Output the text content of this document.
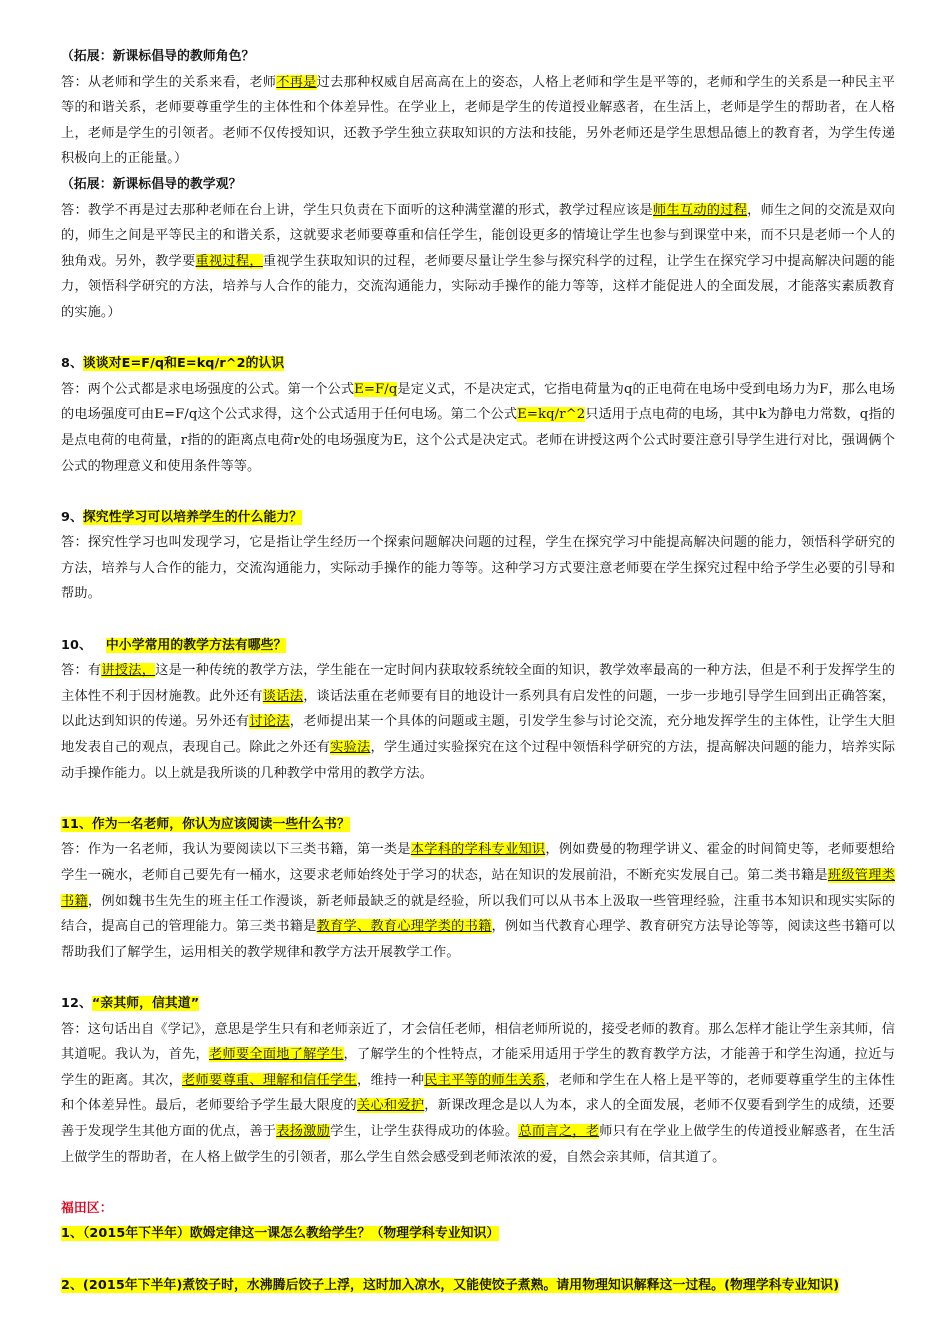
（拓展：新课标倡导的教师角色？

答：从老师和学生的关系来看，老师不再是过去那种权威自居高高在上的姿态，人格上老师和学生是平等的，老师和学生的关系是一种民主平等的和谐关系，老师要尊重学生的主体性和个体差异性。在学业上，老师是学生的传道授业解惑者，在生活上，老师是学生的帮助者，在人格上，老师是学生的引领者。老师不仅传授知识，还教予学生独立获取知识的方法和技能，另外老师还是学生思想品德上的教育者，为学生传递积极向上的正能量。）

（拓展：新课标倡导的教学观？

答：教学不再是过去那种老师在台上讲，学生只负责在下面听的这种满堂灌的形式，教学过程应该是师生互动的过程，师生之间的交流是双向的，师生之间是平等民主的和谐关系，这就要求老师要尊重和信任学生，能创设更多的情境让学生也参与到课堂中来，而不只是老师一个人的独角戏。另外，教学要重视过程，重视学生获取知识的过程，老师要尽量让学生参与探究科学的过程，让学生在探究学习中提高解决问题的能力，领悟科学研究的方法，培养与人合作的能力，交流沟通能力，实际动手操作的能力等等，这样才能促进人的全面发展，才能落实素质教育的实施。）

8、谈谈对E=F/q和E=kq/r^2的认识

答：两个公式都是求电场强度的公式。第一个公式E=F/q是定义式，不是决定式，它指电荷量为q的正电荷在电场中受到电场力为F，那么电场的电场强度可由E=F/q这个公式求得，这个公式适用于任何电场。第二个公式E=kq/r^2只适用于点电荷的电场，其中k为静电力常数，q指的是点电荷的电荷量，r指的的距离点电荷r处的电场强度为E，这个公式是决定式。老师在讲授这两个公式时要注意引导学生进行对比，强调俩个公式的物理意义和使用条件等等。

9、探究性学习可以培养学生的什么能力？

答：探究性学习也叫发现学习，它是指让学生经历一个探索问题解决问题的过程，学生在探究学习中能提高解决问题的能力，领悟科学研究的方法，培养与人合作的能力，交流沟通能力，实际动手操作的能力等等。这种学习方式要注意老师要在学生探究过程中给予学生必要的引导和帮助。

10、 中小学常用的教学方法有哪些？

答：有讲授法，这是一种传统的教学方法，学生能在一定时间内获取较系统较全面的知识，教学效率最高的一种方法，但是不利于发挥学生的主体性不利于因材施教。此外还有谈话法，谈话法重在老师要有目的地设计一系列具有启发性的问题，一步一步地引导学生回到出正确答案，以此达到知识的传递。另外还有讨论法，老师提出某一个具体的问题或主题，引发学生参与讨论交流，充分地发挥学生的主体性，让学生大胆地发表自己的观点，表现自己。除此之外还有实验法，学生通过实验探究在这个过程中领悟科学研究的方法，提高解决问题的能力，培养实际动手操作能力。以上就是我所谈的几种教学中常用的教学方法。

11、作为一名老师，你认为应该阅读一些什么书？

答：作为一名老师，我认为要阅读以下三类书籍，第一类是本学科的学科专业知识，例如费曼的物理学讲义、霍金的时间简史等，老师要想给学生一碗水，老师自己要先有一桶水，这要求老师始终处于学习的状态，站在知识的发展前沿，不断充实发展自己。第二类书籍是班级管理类书籍，例如魏书生先生的班主任工作漫谈，新老师最缺乏的就是经验，所以我们可以从书本上汲取一些管理经验，注重书本知识和现实实际的结合，提高自己的管理能力。第三类书籍是教育学、教育心理学类的书籍，例如当代教育心理学、教育研究方法导论等等，阅读这些书籍可以帮助我们了解学生，运用相关的教学规律和教学方法开展教学工作。

12、“亲其师，信其道”

答：这句话出自《学记》，意思是学生只有和老师亲近了，才会信任老师，相信老师所说的，接受老师的教育。那么怎样才能让学生亲其师，信其道呢。我认为，首先，老师要全面地了解学生，了解学生的个性特点，才能采用适用于学生的教育教学方法，才能善于和学生沟通，拉近与学生的距离。其次，老师要尊重、理解和信任学生，维持一种民主平等的师生关系，老师和学生在人格上是平等的，老师要尊重学生的主体性和个体差异性。最后，老师要给予学生最大限度的关心和爱护，新课改理念是以人为本，求人的全面发展，老师不仅要看到学生的成绩，还要善于发现学生其他方面的优点，善于表扬激励学生，让学生获得成功的体验。总而言之，老师只有在学业上做学生的传道授业解惑者，在生活上做学生的帮助者，在人格上做学生的引领者，那么学生自然会感受到老师浓浓的爱，自然会亲其师，信其道了。

福田区：

1、（2015年下半年）欧姆定律这一课怎么教给学生？（物理学科专业知识）

2、(2015年下半年)煮饺子时，水沸腾后饺子上浮，这时加入凉水，又能使饺子煮熟。请用物理知识解释这一过程。(物理学科专业知识)
